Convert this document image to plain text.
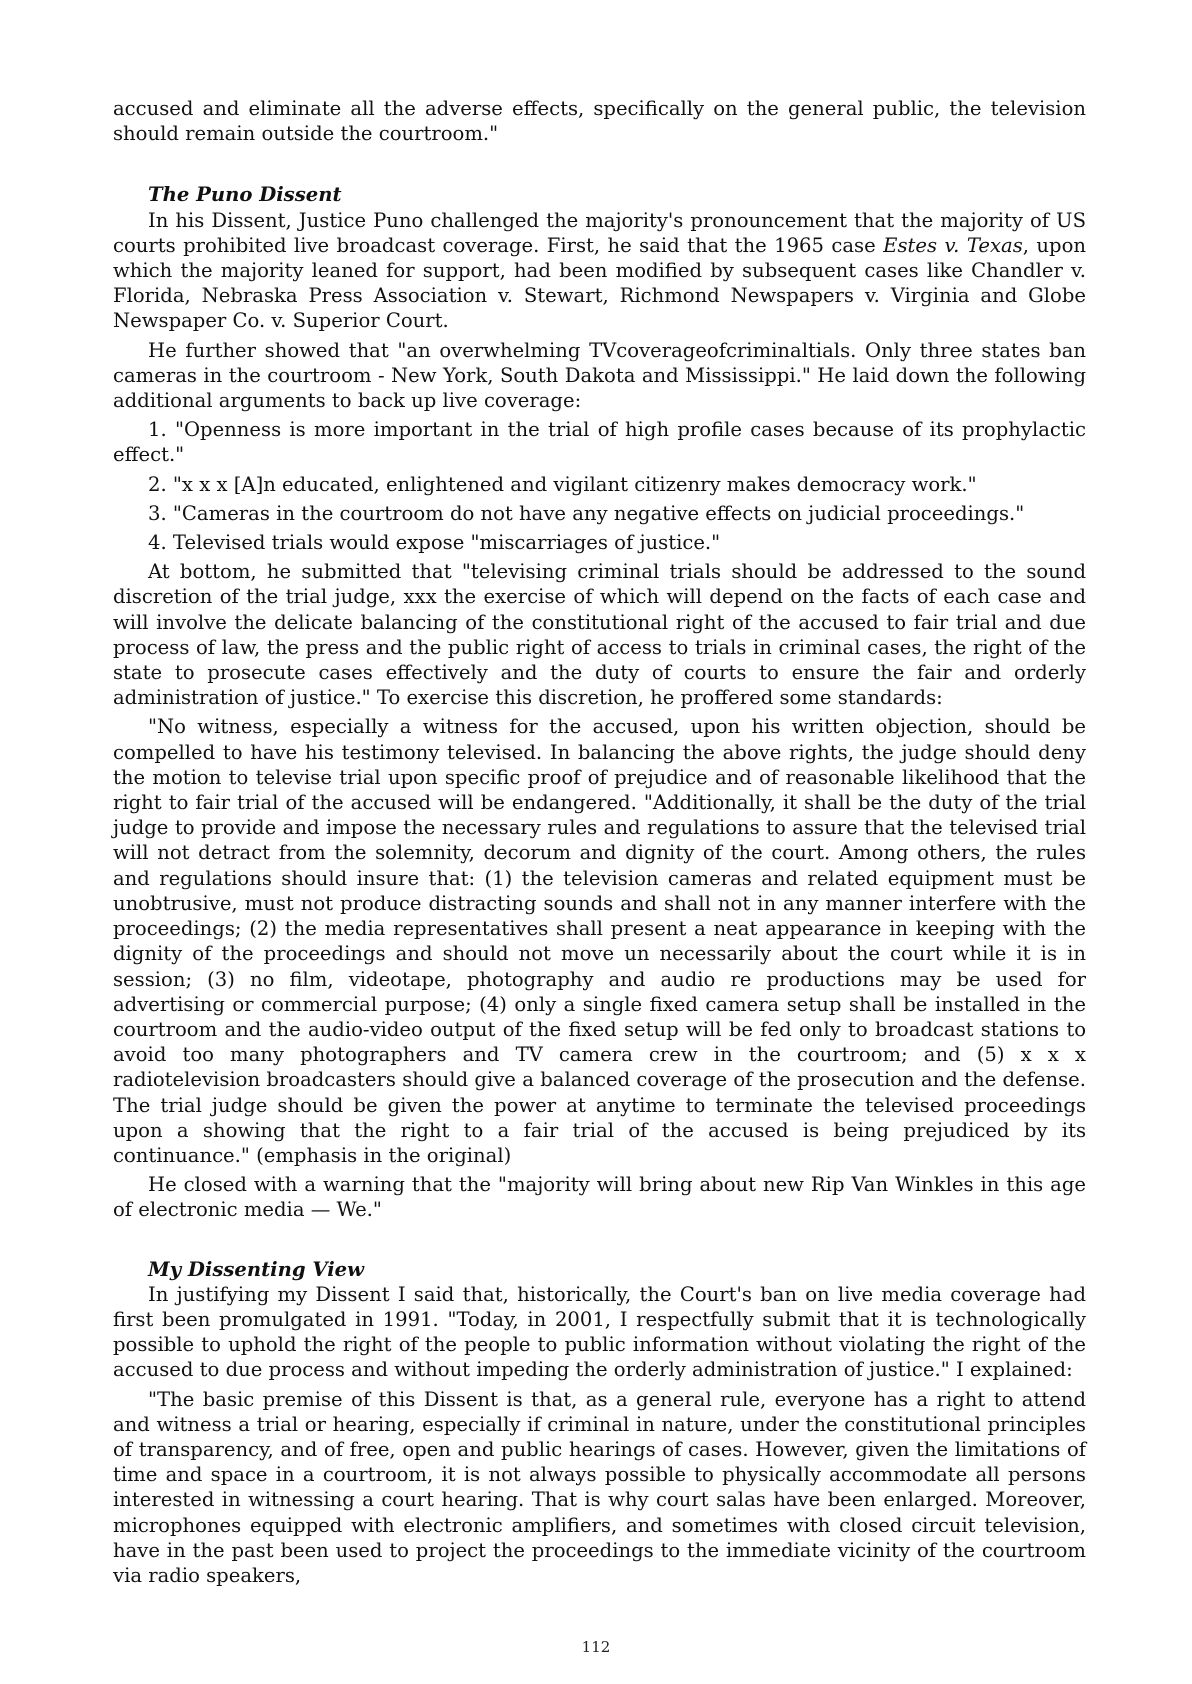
accused and eliminate all the adverse effects, specifically on the general public, the television should remain outside the courtroom."

The Puno Dissent

In his Dissent, Justice Puno challenged the majority's pronouncement that the majority of US courts prohibited live broadcast coverage. First, he said that the 1965 case Estes v. Texas, upon which the majority leaned for support, had been modified by subsequent cases like Chandler v. Florida, Nebraska Press Association v. Stewart, Richmond Newspapers v. Virginia and Globe Newspaper Co. v. Superior Court.

He further showed that "an overwhelming TVcoverageofcriminaltials. Only three states ban cameras in the courtroom - New York, South Dakota and Mississippi." He laid down the following additional arguments to back up live coverage:

1. "Openness is more important in the trial of high profile cases because of its prophylactic effect."

2. "x x x [A]n educated, enlightened and vigilant citizenry makes democracy work."

3. "Cameras in the courtroom do not have any negative effects on judicial proceedings."

4. Televised trials would expose "miscarriages of justice."

At bottom, he submitted that "televising criminal trials should be addressed to the sound discretion of the trial judge, xxx the exercise of which will depend on the facts of each case and will involve the delicate balancing of the constitutional right of the accused to fair trial and due process of law, the press and the public right of access to trials in criminal cases, the right of the state to prosecute cases effectively and the duty of courts to ensure the fair and orderly administration of justice." To exercise this discretion, he proffered some standards:

"No witness, especially a witness for the accused, upon his written objection, should be compelled to have his testimony televised. In balancing the above rights, the judge should deny the motion to televise trial upon specific proof of prejudice and of reasonable likelihood that the right to fair trial of the accused will be endangered. "Additionally, it shall be the duty of the trial judge to provide and impose the necessary rules and regulations to assure that the televised trial will not detract from the solemnity, decorum and dignity of the court. Among others, the rules and regulations should insure that: (1) the television cameras and related equipment must be unobtrusive, must not produce distracting sounds and shall not in any manner interfere with the proceedings; (2) the media representatives shall present a neat appearance in keeping with the dignity of the proceedings and should not move un necessarily about the court while it is in session; (3) no film, videotape, photography and audio re productions may be used for advertising or commercial purpose; (4) only a single fixed camera setup shall be installed in the courtroom and the audio-video output of the fixed setup will be fed only to broadcast stations to avoid too many photographers and TV camera crew in the courtroom; and (5) x x x radiotelevision broadcasters should give a balanced coverage of the prosecution and the defense. The trial judge should be given the power at anytime to terminate the televised proceedings upon a showing that the right to a fair trial of the accused is being prejudiced by its continuance." (emphasis in the original)

He closed with a warning that the "majority will bring about new Rip Van Winkles in this age of electronic media — We."

My Dissenting View

In justifying my Dissent I said that, historically, the Court's ban on live media coverage had first been promulgated in 1991. "Today, in 2001, I respectfully submit that it is technologically possible to uphold the right of the people to public information without violating the right of the accused to due process and without impeding the orderly administration of justice." I explained:

"The basic premise of this Dissent is that, as a general rule, everyone has a right to attend and witness a trial or hearing, especially if criminal in nature, under the constitutional principles of transparency, and of free, open and public hearings of cases. However, given the limitations of time and space in a courtroom, it is not always possible to physically accommodate all persons interested in witnessing a court hearing. That is why court salas have been enlarged. Moreover, microphones equipped with electronic amplifiers, and sometimes with closed circuit television, have in the past been used to project the proceedings to the immediate vicinity of the courtroom via radio speakers,

112
